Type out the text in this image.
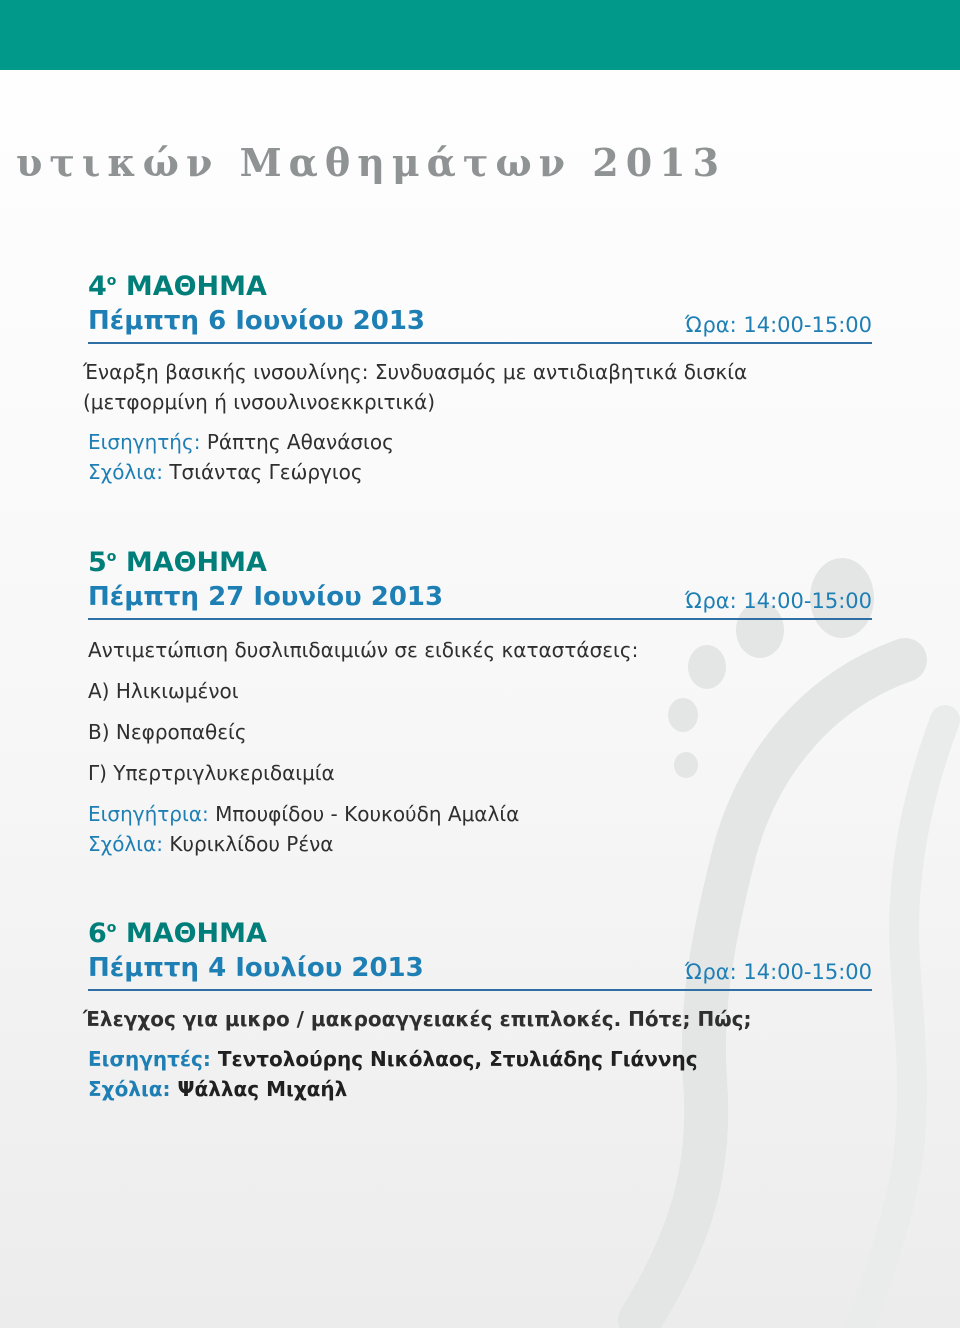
υτικών Μαθημάτων 2013
$4^o$ ΜΑΘΗΜΑ
Πέμπτη 6 Ιουνίου 2013	Ώρα: 14:00-15:00
Έναρξη βασικής ινσουλίνης: Συνδυασμός με αντιδιαβητικά δισκία
(μετφορμίνη ή ινσουλινοεκκριτικά)
Εισηγητής: Ράπτης Αθανάσιος
Σχόλια: Τσιάντας Γεώργιος
$5^o$ ΜΑΘΗΜΑ
Πέμπτη 27 Ιουνίου 2013	Ώρα: 14:00-15:00
Αντιμετώπιση δυσλιπιδαιμιών σε ειδικές καταστάσεις:
Α) Ηλικιωμένοι
Β) Νεφροπαθείς
Γ) Υπερτριγλυκεριδαιμία
Εισηγήτρια: Μπουφίδου - Κουκούδη Αμαλία
Σχόλια: Κυρικλίδου Ρένα
$6^o$ ΜΑΘΗΜΑ
Πέμπτη 4 Ιουλίου 2013	Ώρα: 14:00-15:00
Έλεγχος για μικρο / μακροαγγειακές επιπλοκές. Πότε; Πώς;
Εισηγητές: Τεντολούρης Νικόλαος, Στυλιάδης Γιάννης
Σχόλια: Ψάλλας Μιχαήλ
